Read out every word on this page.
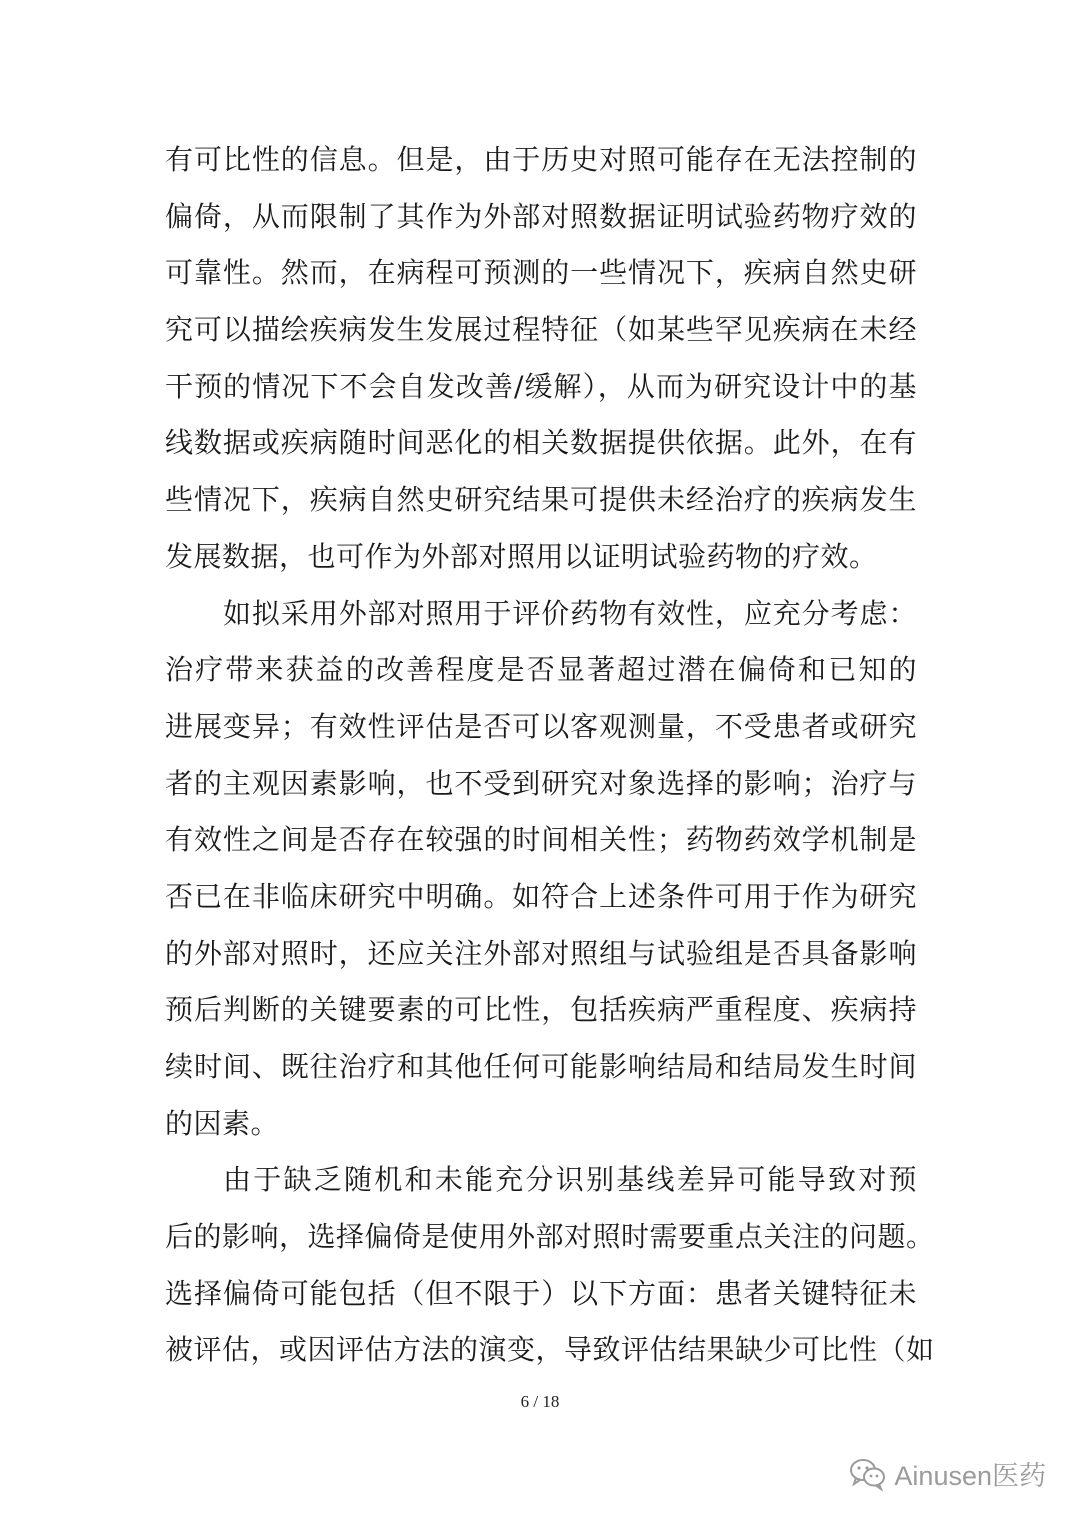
有可比性的信息。但是，由于历史对照可能存在无法控制的
偏倚，从而限制了其作为外部对照数据证明试验药物疗效的
可靠性。然而，在病程可预测的一些情况下，疾病自然史研
究可以描绘疾病发生发展过程特征（如某些罕见疾病在未经
干预的情况下不会自发改善/缓解），从而为研究设计中的基
线数据或疾病随时间恶化的相关数据提供依据。此外，在有
些情况下，疾病自然史研究结果可提供未经治疗的疾病发生
发展数据，也可作为外部对照用以证明试验药物的疗效。
如拟采用外部对照用于评价药物有效性，应充分考虑：
治疗带来获益的改善程度是否显著超过潜在偏倚和已知的
进展变异；有效性评估是否可以客观测量，不受患者或研究
者的主观因素影响，也不受到研究对象选择的影响；治疗与
有效性之间是否存在较强的时间相关性；药物药效学机制是
否已在非临床研究中明确。如符合上述条件可用于作为研究
的外部对照时，还应关注外部对照组与试验组是否具备影响
预后判断的关键要素的可比性，包括疾病严重程度、疾病持
续时间、既往治疗和其他任何可能影响结局和结局发生时间
的因素。
由于缺乏随机和未能充分识别基线差异可能导致对预
后的影响，选择偏倚是使用外部对照时需要重点关注的问题。
选择偏倚可能包括（但不限于）以下方面：患者关键特征未
被评估，或因评估方法的演变，导致评估结果缺少可比性（如
6 / 18
Ainusen医药
